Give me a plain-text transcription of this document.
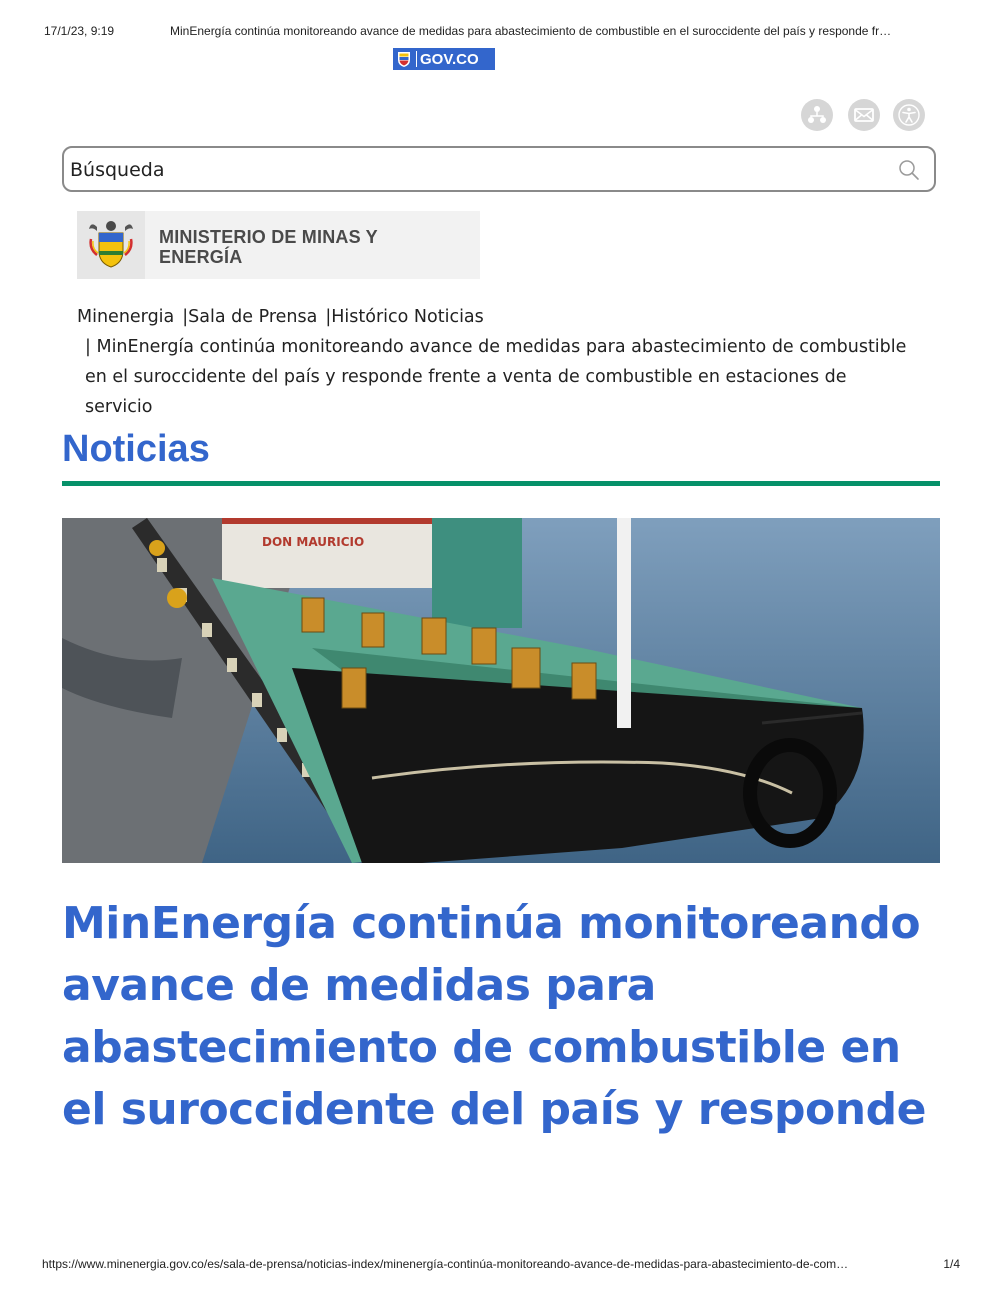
17/1/23, 9:19	MinEnergía continúa monitoreando avance de medidas para abastecimiento de combustible en el suroccidente del país y responde fr…
GOV.CO
Búsqueda
MINISTERIO DE MINAS Y ENERGÍA
Minenergia |Sala de Prensa |Histórico Noticias
| MinEnergía continúa monitoreando avance de medidas para abastecimiento de combustible en el suroccidente del país y responde frente a venta de combustible en estaciones de servicio
Noticias
DON MAURICIO
MinEnergía continúa monitoreando avance de medidas para abastecimiento de combustible en el suroccidente del país y responde
https://www.minenergia.gov.co/es/sala-de-prensa/noticias-index/minenergía-continúa-monitoreando-avance-de-medidas-para-abastecimiento-de-com…	1/4
